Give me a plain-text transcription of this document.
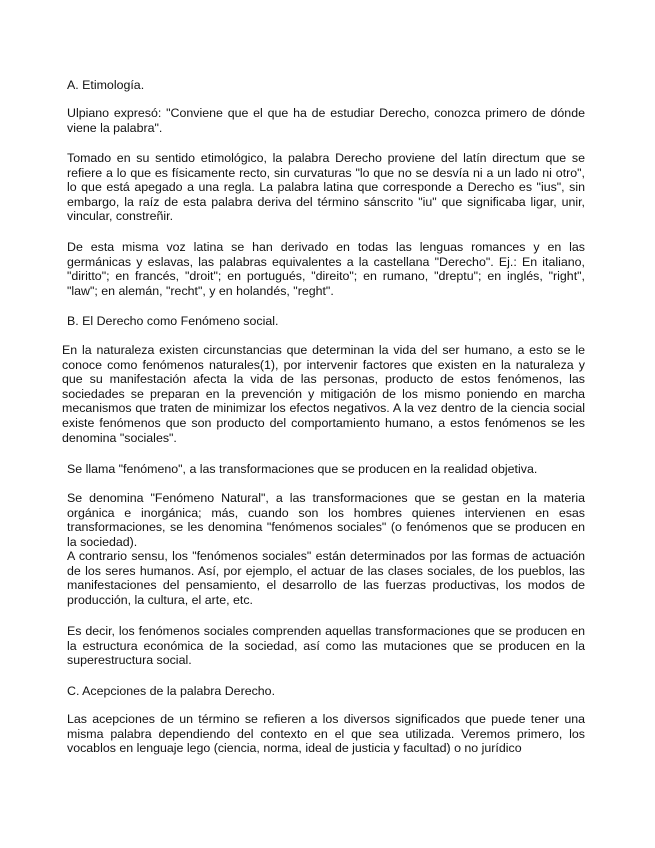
A. Etimología.

Ulpiano expresó: "Conviene que el que ha de estudiar Derecho, conozca primero de dónde viene la palabra".

Tomado en su sentido etimológico, la palabra Derecho proviene del latín directum que se refiere a lo que es físicamente recto, sin curvaturas "lo que no se desvía ni a un lado ni otro", lo que está apegado a una regla. La palabra latina que corresponde a Derecho es "ius", sin embargo, la raíz de esta palabra deriva del término sánscrito "iu" que significaba ligar, unir, vincular, constreñir.

De esta misma voz latina se han derivado en todas las lenguas romances y en las germánicas y eslavas, las palabras equivalentes a la castellana "Derecho". Ej.: En italiano, "diritto"; en francés, "droit"; en portugués, "direito"; en rumano, "dreptu"; en inglés, "right", "law"; en alemán, "recht", y en holandés, "reght".

B. El Derecho como Fenómeno social.

En la naturaleza existen circunstancias que determinan la vida del ser humano, a esto se le conoce como fenómenos naturales(1), por intervenir factores que existen en la naturaleza y que su manifestación afecta la vida de las personas, producto de estos fenómenos, las sociedades se preparan en la prevención y mitigación de los mismo poniendo en marcha mecanismos que traten de minimizar los efectos negativos. A la vez dentro de la ciencia social existe fenómenos que son producto del comportamiento humano, a estos fenómenos se les denomina "sociales".

Se llama "fenómeno", a las transformaciones que se producen en la realidad objetiva.

Se denomina "Fenómeno Natural", a las transformaciones que se gestan en la materia orgánica e inorgánica; más, cuando son los hombres quienes intervienen en esas transformaciones, se les denomina "fenómenos sociales" (o fenómenos que se producen en la sociedad).

A contrario sensu, los "fenómenos sociales" están determinados por las formas de actuación de los seres humanos. Así, por ejemplo, el actuar de las clases sociales, de los pueblos, las manifestaciones del pensamiento, el desarrollo de las fuerzas productivas, los modos de producción, la cultura, el arte, etc.

Es decir, los fenómenos sociales comprenden aquellas transformaciones que se producen en la estructura económica de la sociedad, así como las mutaciones que se producen en la superestructura social.

C. Acepciones de la palabra Derecho.

Las acepciones de un término se refieren a los diversos significados que puede tener una misma palabra dependiendo del contexto en el que sea utilizada. Veremos primero, los vocablos en lenguaje lego (ciencia, norma, ideal de justicia y facultad) o no jurídico
